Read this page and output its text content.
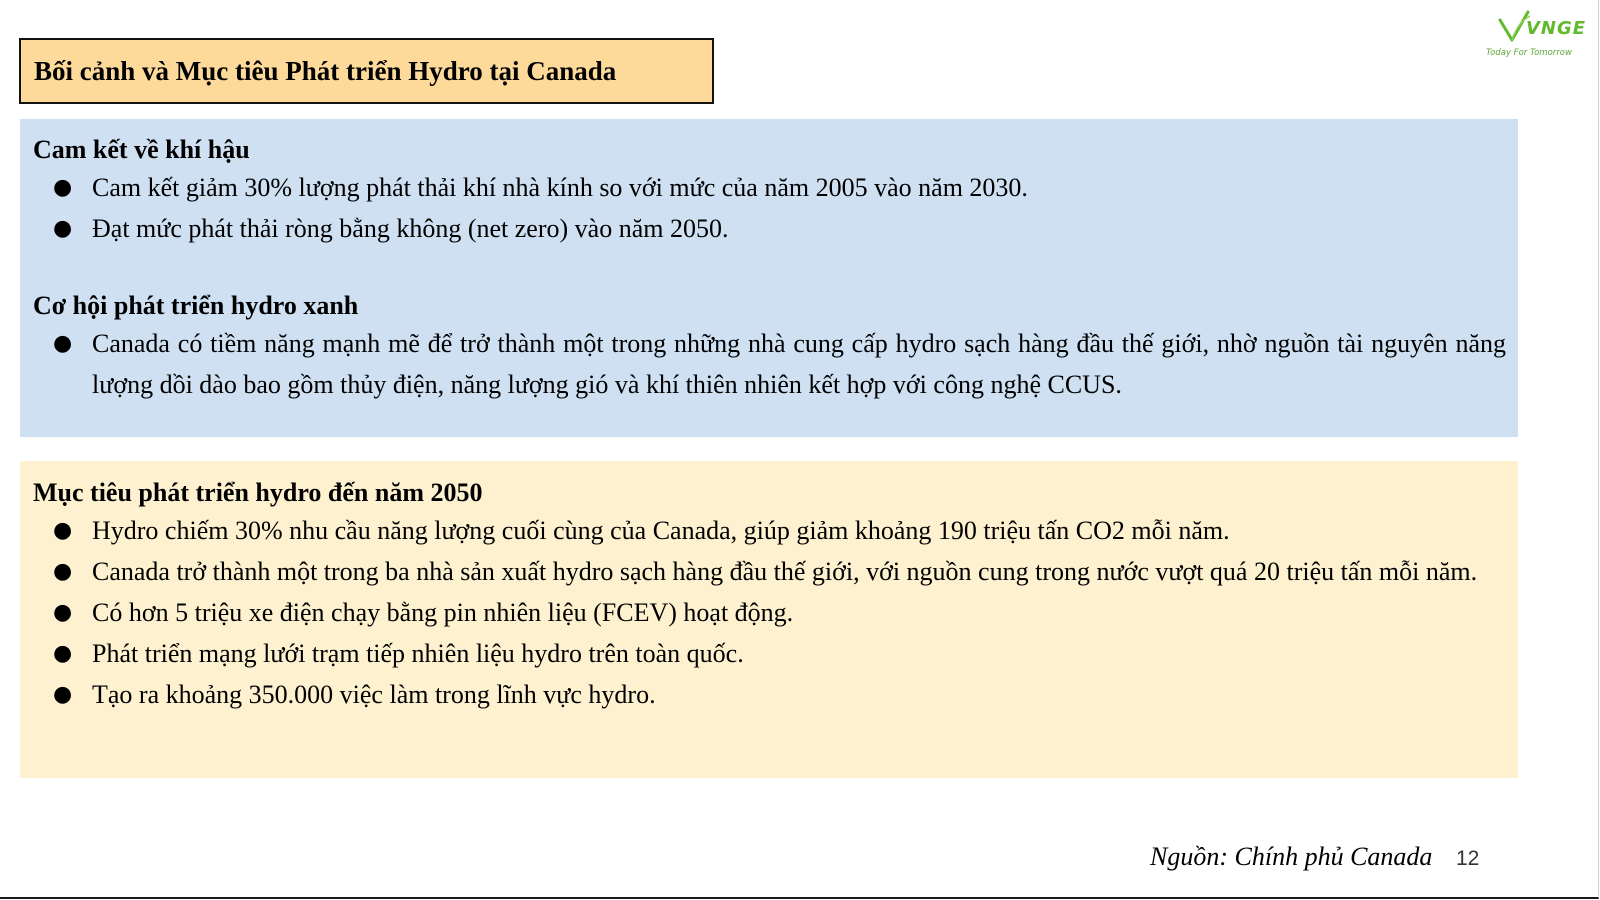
Bối cảnh và Mục tiêu Phát triển Hydro tại Canada
VNGE
Today For Tomorrow
Cam kết về khí hậu
● Cam kết giảm 30% lượng phát thải khí nhà kính so với mức của năm 2005 vào năm 2030.
● Đạt mức phát thải ròng bằng không (net zero) vào năm 2050.
Cơ hội phát triển hydro xanh
● Canada có tiềm năng mạnh mẽ để trở thành một trong những nhà cung cấp hydro sạch hàng đầu thế giới, nhờ nguồn tài nguyên năng lượng dồi dào bao gồm thủy điện, năng lượng gió và khí thiên nhiên kết hợp với công nghệ CCUS.
Mục tiêu phát triển hydro đến năm 2050
● Hydro chiếm 30% nhu cầu năng lượng cuối cùng của Canada, giúp giảm khoảng 190 triệu tấn CO2 mỗi năm.
● Canada trở thành một trong ba nhà sản xuất hydro sạch hàng đầu thế giới, với nguồn cung trong nước vượt quá 20 triệu tấn mỗi năm.
● Có hơn 5 triệu xe điện chạy bằng pin nhiên liệu (FCEV) hoạt động.
● Phát triển mạng lưới trạm tiếp nhiên liệu hydro trên toàn quốc.
● Tạo ra khoảng 350.000 việc làm trong lĩnh vực hydro.
Nguồn: Chính phủ Canada 12
